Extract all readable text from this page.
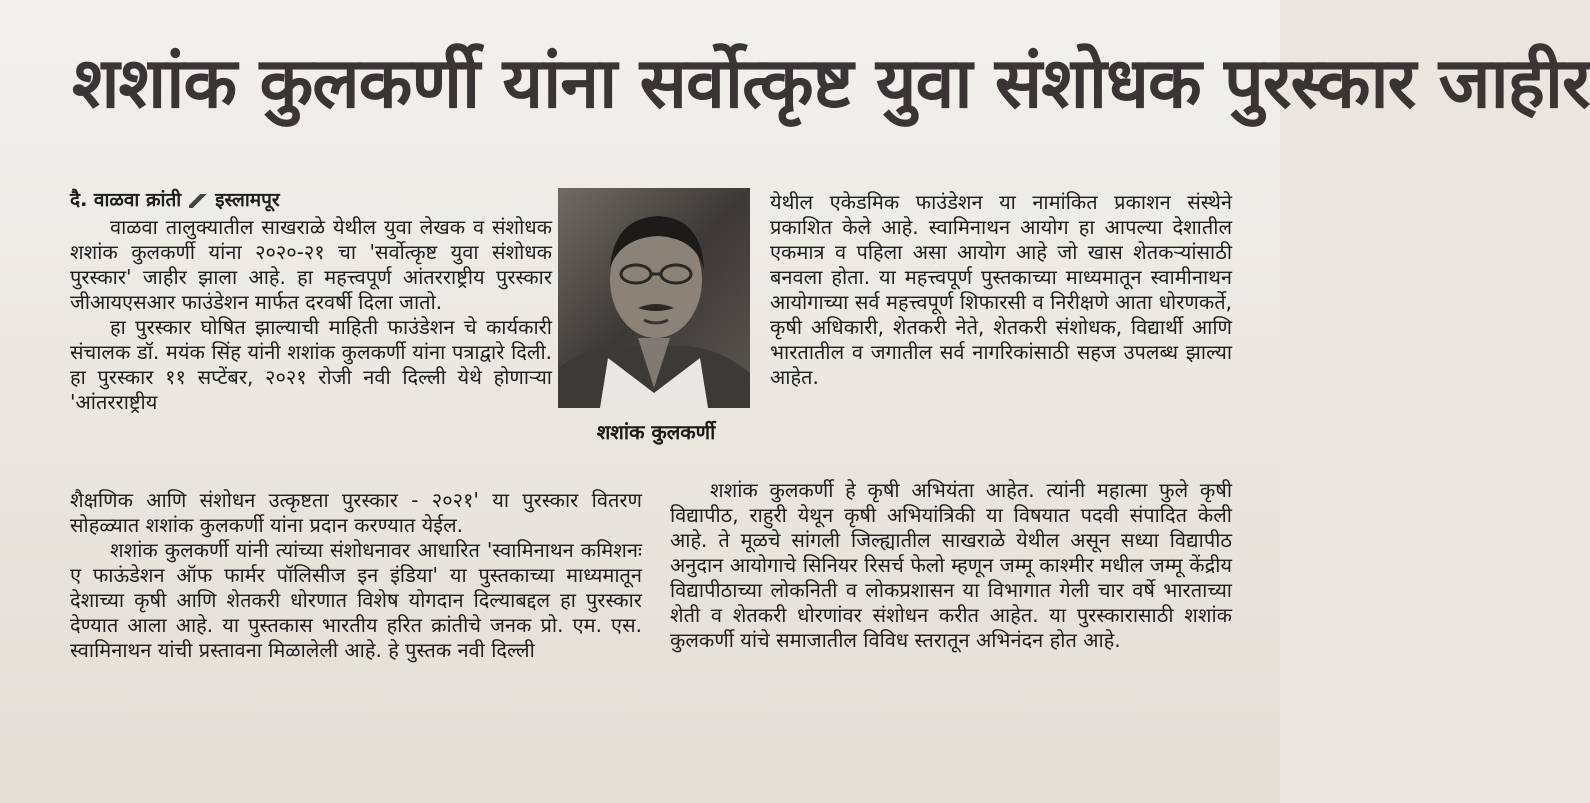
शशांक कुलकर्णी यांना सर्वोत्कृष्ट युवा संशोधक पुरस्कार जाहीर
दै. वाळवा क्रांती इस्लामपूर

वाळवा तालुक्यातील साखराळे येथील युवा लेखक व संशोधक शशांक कुलकर्णी यांना २०२०-२१ चा 'सर्वोत्कृष्ट युवा संशोधक पुरस्कार' जाहीर झाला आहे. हा महत्त्वपूर्ण आंतरराष्ट्रीय पुरस्कार जीआयएसआर फाउंडेशन मार्फत दरवर्षी दिला जातो.

हा पुरस्कार घोषित झाल्याची माहिती फाउंडेशन चे कार्यकारी संचालक डॉ. मयंक सिंह यांनी शशांक कुलकर्णी यांना पत्राद्वारे दिली. हा पुरस्कार ११ सप्टेंबर, २०२१ रोजी नवी दिल्ली येथे होणाऱ्या 'आंतरराष्ट्रीय

शैक्षणिक आणि संशोधन उत्कृष्टता पुरस्कार - २०२१' या पुरस्कार वितरण सोहळ्यात शशांक कुलकर्णी यांना प्रदान करण्यात येईल.

शशांक कुलकर्णी यांनी त्यांच्या संशोधनावर आधारित 'स्वामिनाथन कमिशनः ए फाऊंडेशन ऑफ फार्मर पॉलिसीज इन इंडिया' या पुस्तकाच्या माध्यमातून देशाच्या कृषी आणि शेतकरी धोरणात विशेष योगदान दिल्याबद्दल हा पुरस्कार देण्यात आला आहे. या पुस्तकास भारतीय हरित क्रांतीचे जनक प्रो. एम. एस. स्वामिनाथन यांची प्रस्तावना मिळालेली आहे. हे पुस्तक नवी दिल्ली

शशांक कुलकर्णी

येथील एकेडमिक फाउंडेशन या नामांकित प्रकाशन संस्थेने प्रकाशित केले आहे. स्वामिनाथन आयोग हा आपल्या देशातील एकमात्र व पहिला असा आयोग आहे जो खास शेतकऱ्यांसाठी बनवला होता. या महत्त्वपूर्ण पुस्तकाच्या माध्यमातून स्वामीनाथन आयोगाच्या सर्व महत्त्वपूर्ण शिफारसी व निरीक्षणे आता धोरणकर्ते, कृषी अधिकारी, शेतकरी नेते, शेतकरी संशोधक, विद्यार्थी आणि भारतातील व जगातील सर्व नागरिकांसाठी सहज उपलब्ध झाल्या आहेत.

शशांक कुलकर्णी हे कृषी अभियंता आहेत. त्यांनी महात्मा फुले कृषी विद्यापीठ, राहुरी येथून कृषी अभियांत्रिकी या विषयात पदवी संपादित केली आहे. ते मूळचे सांगली जिल्ह्यातील साखराळे येथील असून सध्या विद्यापीठ अनुदान आयोगाचे सिनियर रिसर्च फेलो म्हणून जम्मू काश्मीर मधील जम्मू केंद्रीय विद्यापीठाच्या लोकनिती व लोकप्रशासन या विभागात गेली चार वर्षे भारताच्या शेती व शेतकरी धोरणांवर संशोधन करीत आहेत. या पुरस्कारासाठी शशांक कुलकर्णी यांचे समाजातील विविध स्तरातून अभिनंदन होत आहे.
